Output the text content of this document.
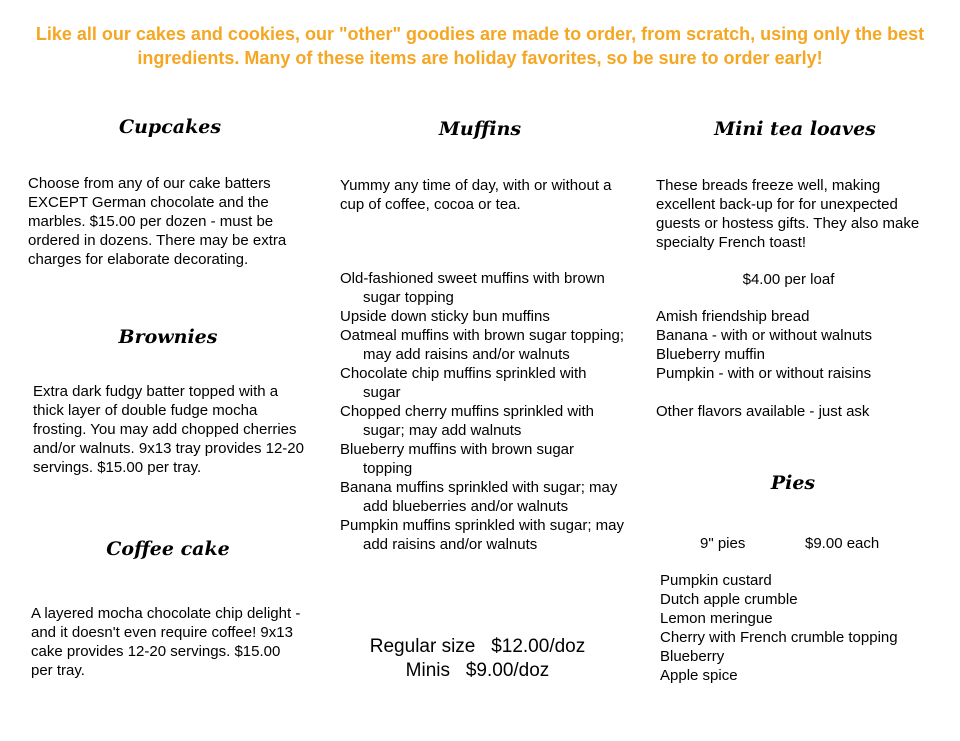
Like all our cakes and cookies, our "other" goodies are made to order, from scratch, using only the best ingredients. Many of these items are holiday favorites, so be sure to order early!
Cupcakes
Choose from any of our cake batters EXCEPT German chocolate and the marbles. $15.00 per dozen - must be ordered in dozens. There may be extra charges for elaborate decorating.
Brownies
Extra dark fudgy batter topped with a thick layer of double fudge mocha frosting. You may add chopped cherries and/or walnuts. 9x13 tray provides 12-20 servings. $15.00 per tray.
Coffee cake
A layered mocha chocolate chip delight - and it doesn't even require coffee! 9x13 cake provides 12-20 servings. $15.00 per tray.
Muffins
Yummy any time of day, with or without a cup of coffee, cocoa or tea.
Old-fashioned sweet muffins with brown sugar topping
Upside down sticky bun muffins
Oatmeal muffins with brown sugar topping; may add raisins and/or walnuts
Chocolate chip muffins sprinkled with sugar
Chopped cherry muffins sprinkled with sugar; may add walnuts
Blueberry muffins with brown sugar topping
Banana muffins sprinkled with sugar; may add blueberries and/or walnuts
Pumpkin muffins sprinkled with sugar; may add raisins and/or walnuts
Regular size   $12.00/doz
Minis   $9.00/doz
Mini tea loaves
These breads freeze well, making excellent back-up for for unexpected guests or hostess gifts. They also make specialty French toast!
$4.00 per loaf
Amish friendship bread
Banana - with or without walnuts
Blueberry muffin
Pumpkin - with or without raisins
Other flavors available - just ask
Pies
9" pies	$9.00 each
Pumpkin custard
Dutch apple crumble
Lemon meringue
Cherry with French crumble topping
Blueberry
Apple spice
